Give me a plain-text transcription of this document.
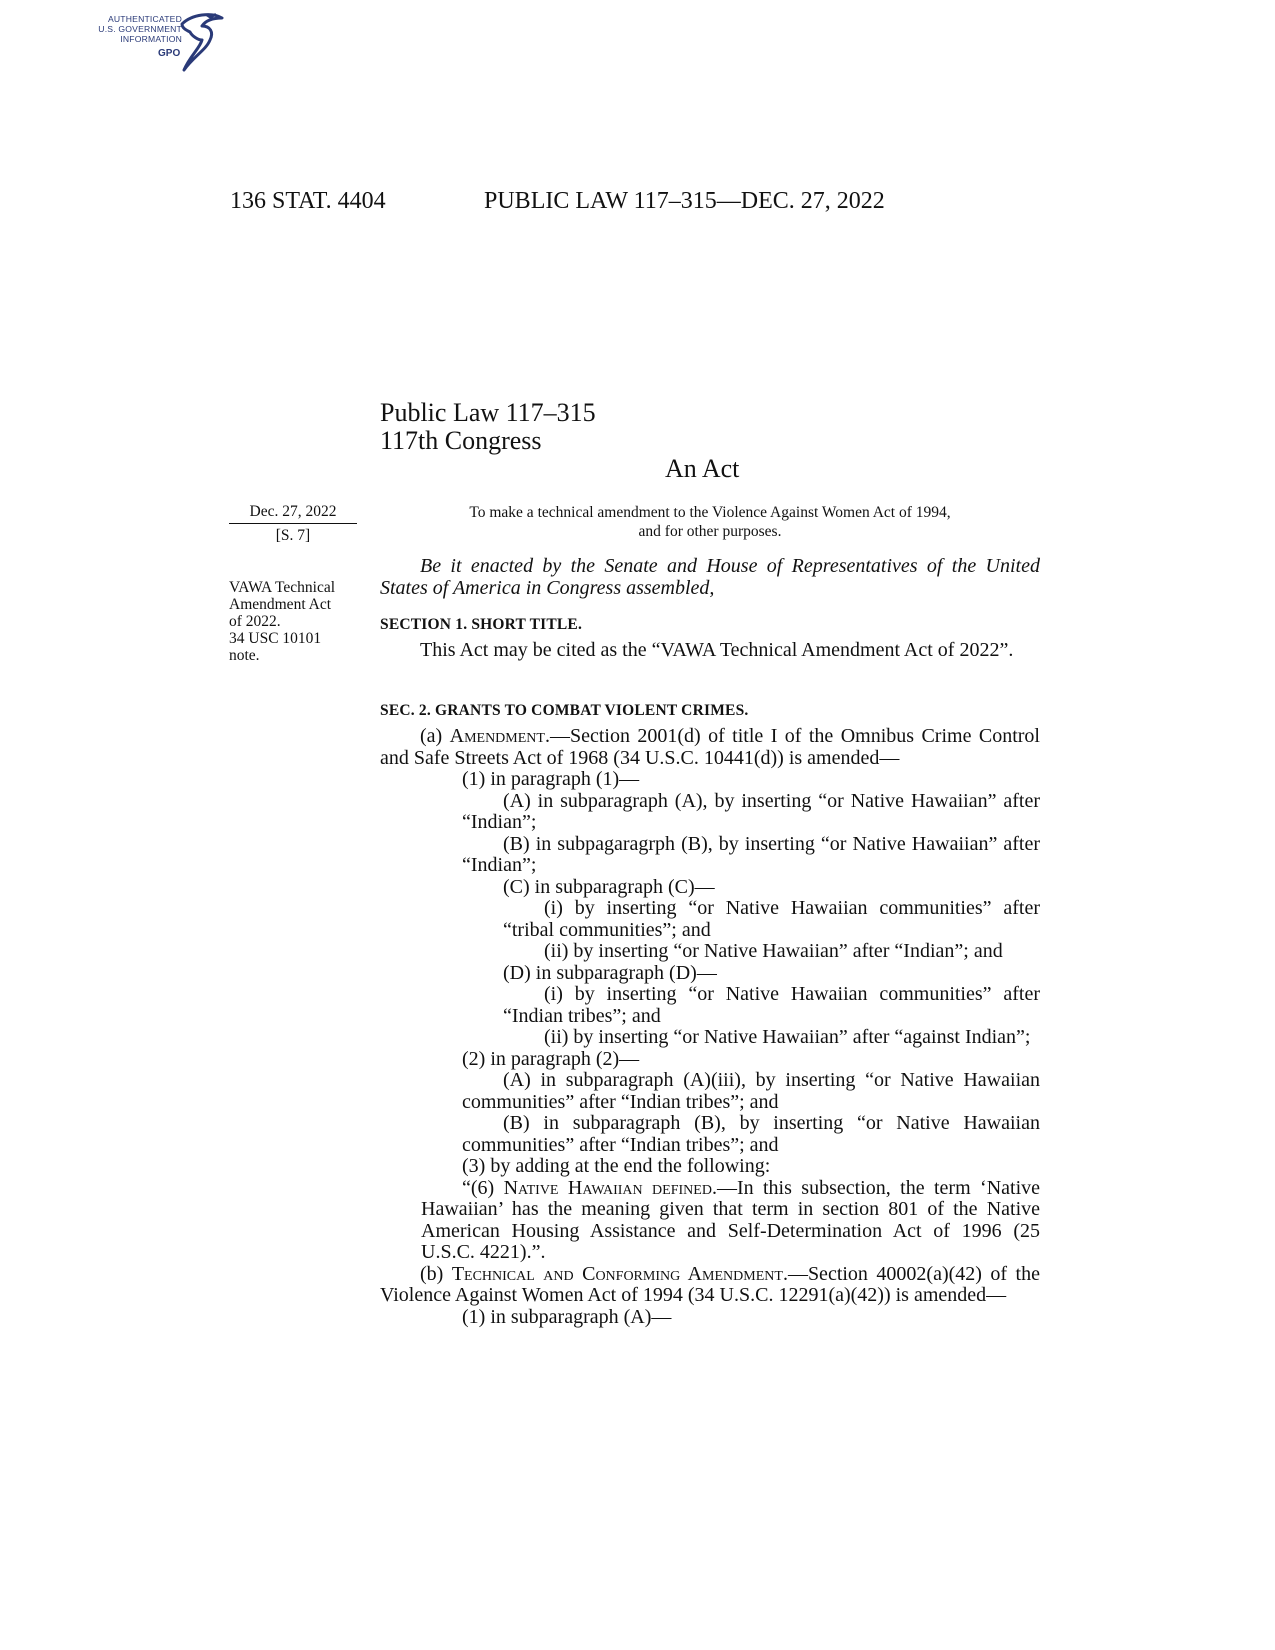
AUTHENTICATED
U.S. GOVERNMENT
INFORMATION
GPO
136 STAT. 4404	PUBLIC LAW 117–315—DEC. 27, 2022
Public Law 117–315
117th Congress
An Act
Dec. 27, 2022
[S. 7]
VAWA Technical
Amendment Act
of 2022.
34 USC 10101
note.
To make a technical amendment to the Violence Against Women Act of 1994,
and for other purposes.

Be it enacted by the Senate and House of Representatives of the United States of America in Congress assembled,

SECTION 1. SHORT TITLE.

This Act may be cited as the “VAWA Technical Amendment Act of 2022”.

SEC. 2. GRANTS TO COMBAT VIOLENT CRIMES.

(a) Amendment.—Section 2001(d) of title I of the Omnibus Crime Control and Safe Streets Act of 1968 (34 U.S.C. 10441(d)) is amended—

(1) in paragraph (1)—

(A) in subparagraph (A), by inserting “or Native Hawaiian” after “Indian”;

(B) in subpagaragrph (B), by inserting “or Native Hawaiian” after “Indian”;

(C) in subparagraph (C)—

(i) by inserting “or Native Hawaiian communities” after “tribal communities”; and

(ii) by inserting “or Native Hawaiian” after “Indian”; and

(D) in subparagraph (D)—

(i) by inserting “or Native Hawaiian communities” after “Indian tribes”; and

(ii) by inserting “or Native Hawaiian” after “against Indian”;

(2) in paragraph (2)—

(A) in subparagraph (A)(iii), by inserting “or Native Hawaiian communities” after “Indian tribes”; and

(B) in subparagraph (B), by inserting “or Native Hawaiian communities” after “Indian tribes”; and

(3) by adding at the end the following:

“(6) Native Hawaiian defined.—In this subsection, the term ‘Native Hawaiian’ has the meaning given that term in section 801 of the Native American Housing Assistance and Self-Determination Act of 1996 (25 U.S.C. 4221).”.

(b) Technical and Conforming Amendment.—Section 40002(a)(42) of the Violence Against Women Act of 1994 (34 U.S.C. 12291(a)(42)) is amended—

(1) in subparagraph (A)—
